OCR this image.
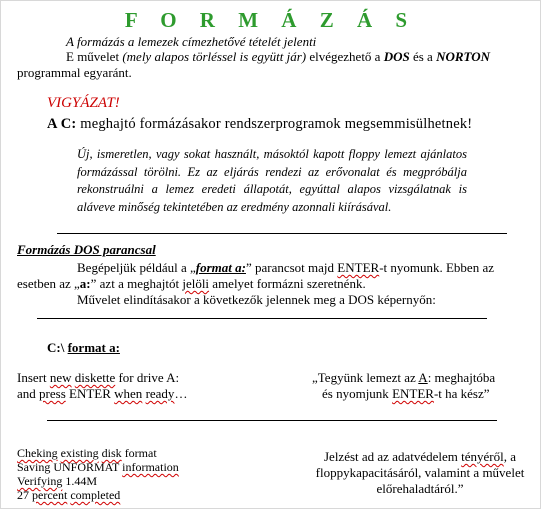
F O R M Á Z Á S
A formázás a lemezek címezhetővé tételét jelenti
E művelet (mely alapos törléssel is együtt jár) elvégezhető a DOS és a NORTON
programmal egyaránt.
VIGYÁZAT!
A C: meghajtó formázásakor rendszerprogramok megsemmisülhetnek!
Új, ismeretlen, vagy sokat használt, másoktól kapott floppy lemezt ajánlatos formázással törölni. Ez az eljárás rendezi az erővonalat és megpróbálja rekonstruálni a lemez eredeti állapotát, egyúttal alapos vizsgálatnak is aláveve minőség tekintetében az eredmény azonnali kiírásával.
Formázás DOS parancsal
Begépeljük például a „format a:” parancsot majd ENTER-t nyomunk. Ebben az
esetben az „a:” azt a meghajtót jelöli amelyet formázni szeretnénk.
Művelet elindításakor a következők jelennek meg a DOS képernyőn:
C:\ format a:
Insert new diskette for drive A:
and press ENTER when ready…
„Tegyünk lemezt az A: meghajtóba
és nyomjunk ENTER-t ha kész”
Cheking existing disk format
Saving UNFORMAT information
Verifying 1.44M
27 percent completed
Jelzést ad az adatvédelem tényéről, a
floppykapacitásáról, valamint a művelet
előrehaladtáról.”
